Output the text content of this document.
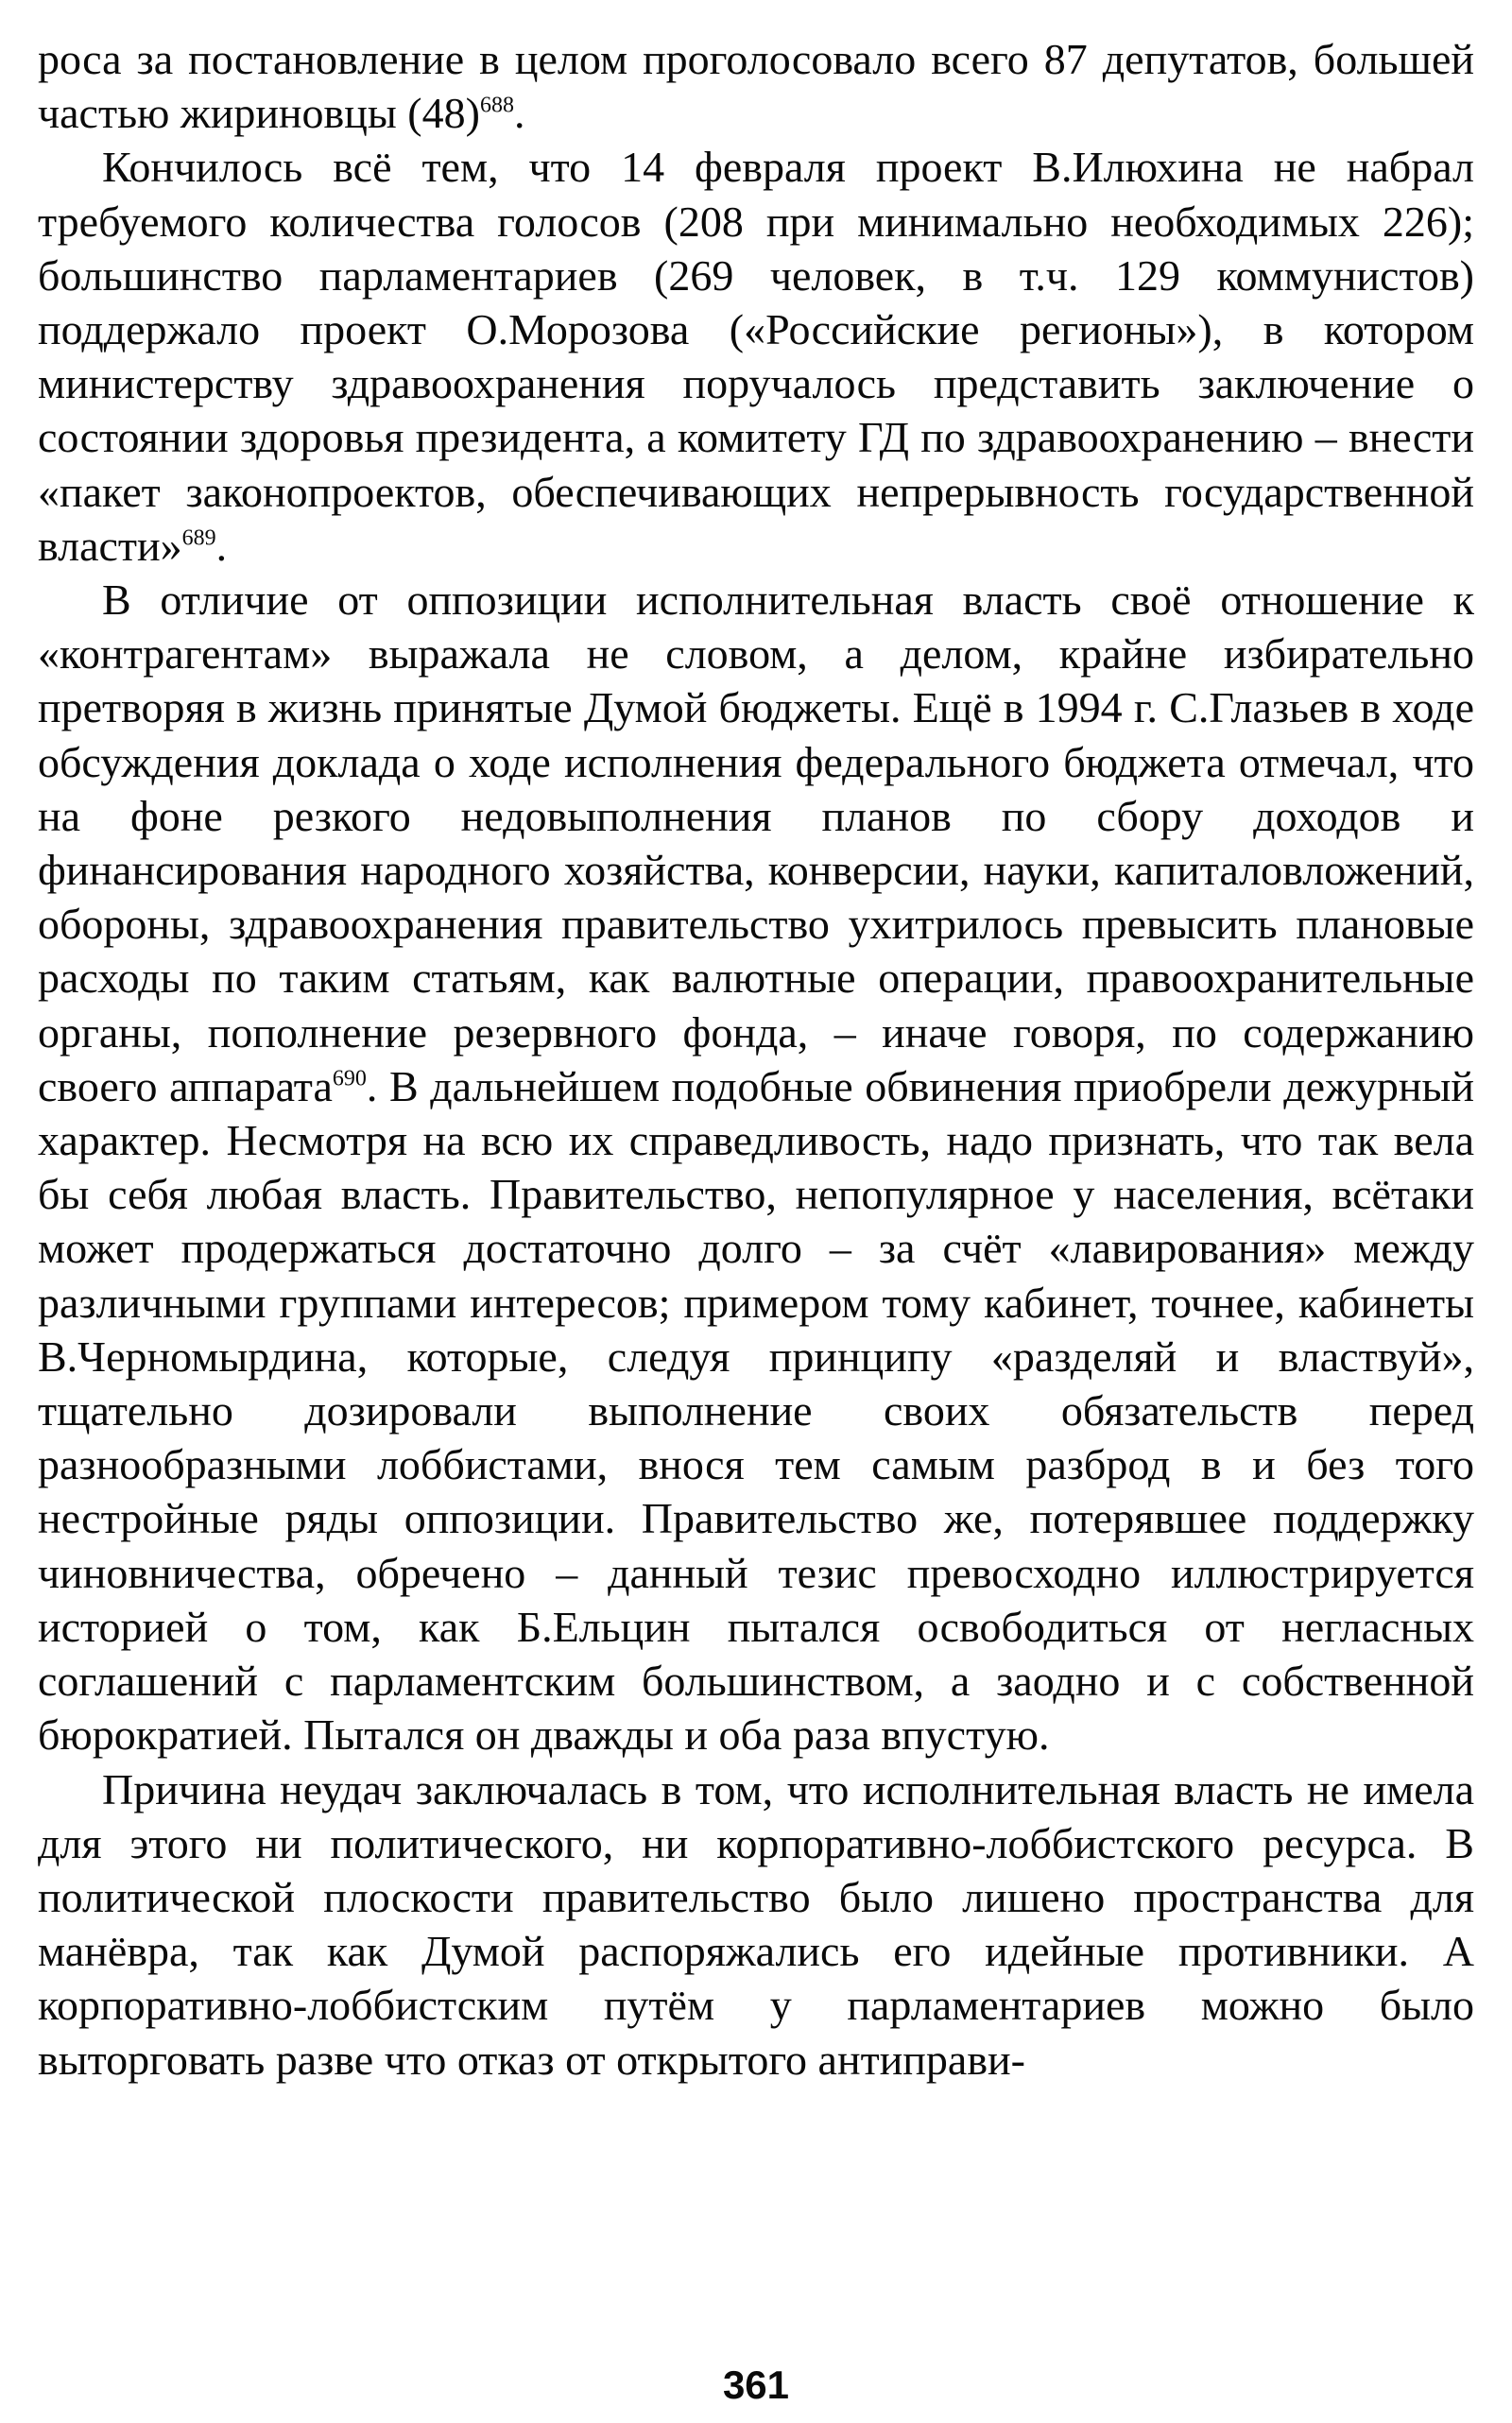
роса за постановление в целом проголосовало всего 87 депутатов, большей частью жириновцы (48)$^{688}$.

Кончилось всё тем, что 14 февраля проект В.Илюхина не набрал требуемого количества голосов (208 при минимально необходимых 226); большинство парламентариев (269 человек, в т.ч. 129 коммунистов) поддержало проект О.Морозова («Российские регионы»), в котором министерству здравоохранения поручалось представить заключение о состоянии здоровья президента, а комитету ГД по здравоохранению – внести «пакет законопроектов, обеспечивающих непрерывность государственной власти»$^{689}$.

В отличие от оппозиции исполнительная власть своё отношение к «контрагентам» выражала не словом, а делом, крайне избирательно претворяя в жизнь принятые Думой бюджеты. Ещё в 1994 г. С.Глазьев в ходе обсуждения доклада о ходе исполнения федерального бюджета отмечал, что на фоне резкого недовыполнения планов по сбору доходов и финансирования народного хозяйства, конверсии, науки, капиталовложений, обороны, здравоохранения правительство ухитрилось превысить плановые расходы по таким статьям, как валютные операции, правоохранительные органы, пополнение резервного фонда, – иначе говоря, по содержанию своего аппарата$^{690}$. В дальнейшем подобные обвинения приобрели дежурный характер. Несмотря на всю их справедливость, надо признать, что так вела бы себя любая власть. Правительство, непопулярное у населения, всётаки может продержаться достаточно долго – за счёт «лавирования» между различными группами интересов; примером тому кабинет, точнее, кабинеты В.Черномырдина, которые, следуя принципу «разделяй и властвуй», тщательно дозировали выполнение своих обязательств перед разнообразными лоббистами, внося тем самым разброд в и без того нестройные ряды оппозиции. Правительство же, потерявшее поддержку чиновничества, обречено – данный тезис превосходно иллюстрируется историей о том, как Б.Ельцин пытался освободиться от негласных соглашений с парламентским большинством, а заодно и с собственной бюрократией. Пытался он дважды и оба раза впустую.

Причина неудач заключалась в том, что исполнительная власть не имела для этого ни политического, ни корпоративно-лоббистского ресурса. В политической плоскости правительство было лишено пространства для манёвра, так как Думой распоряжались его идейные противники. А корпоративно-лоббистским путём у парламентариев можно было выторговать разве что отказ от открытого антиправи-

361
